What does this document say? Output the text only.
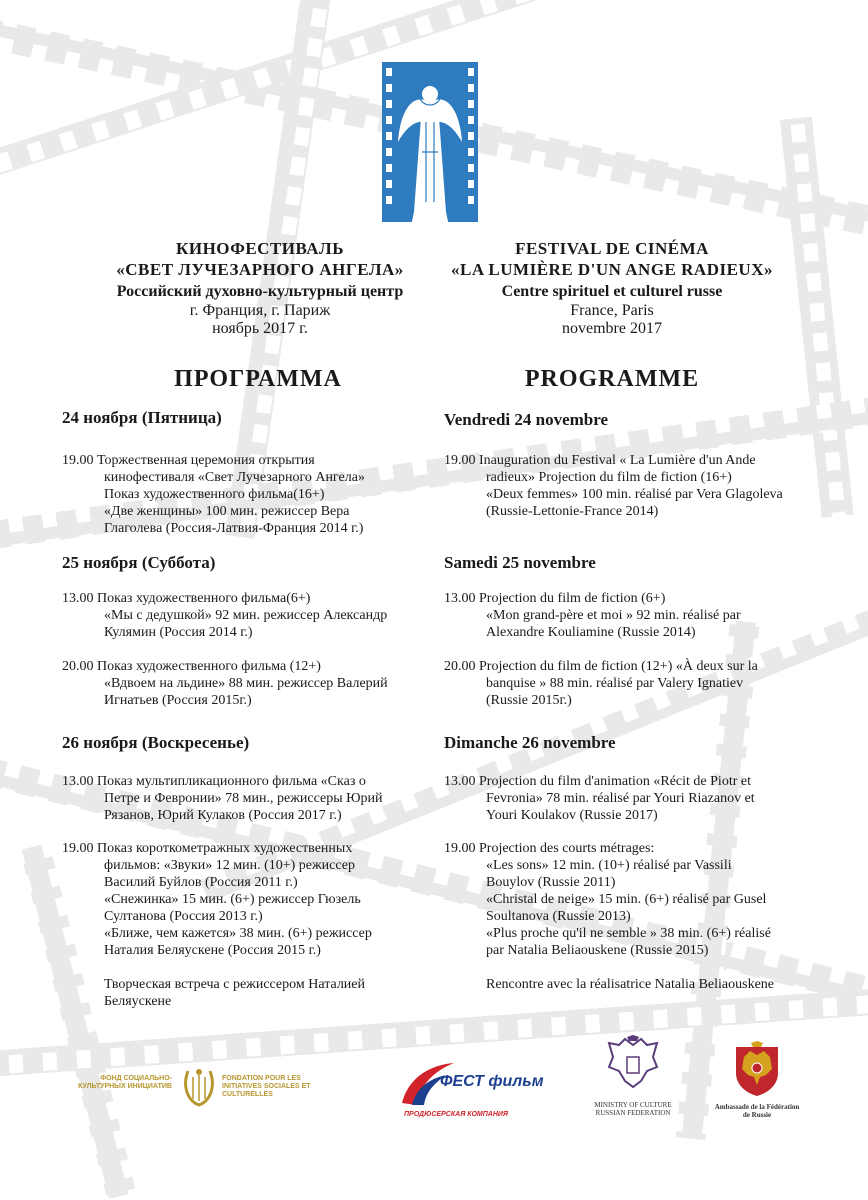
КИНОФЕСТИВАЛЬ
«СВЕТ ЛУЧЕЗАРНОГО АНГЕЛА»
Российский духовно-культурный центр
г. Франция, г. Париж
ноябрь 2017 г.
FESTIVAL DE CINÉMA
«LA LUMIÈRE D'UN ANGE RADIEUX»
Centre spirituel et culturel russe
France, Paris
novembre 2017
ПРОГРАММА	PROGRAMME
24 ноября (Пятница)
19.00 Торжественная церемония открытия
кинофестиваля «Свет Лучезарного Ангела»
Показ художественного фильма(16+)
«Две женщины» 100 мин. режиссер Вера
Глаголева (Россия-Латвия-Франция 2014 г.)
25 ноября (Суббота)
13.00 Показ художественного фильма(6+)
«Мы с дедушкой» 92 мин. режиссер Александр
Кулямин (Россия 2014 г.)
20.00 Показ художественного фильма (12+)
«Вдвоем на льдине» 88 мин. режиссер Валерий
Игнатьев (Россия 2015г.)
26 ноября (Воскресенье)
13.00 Показ мультипликационного фильма «Сказ о
Петре и Февронии» 78 мин., режиссеры Юрий
Рязанов, Юрий Кулаков (Россия 2017 г.)
19.00 Показ короткометражных художественных
фильмов: «Звуки» 12 мин. (10+) режиссер
Василий Буйлов (Россия 2011 г.)
«Снежинка» 15 мин. (6+) режиссер Гюзель
Султанова (Россия 2013 г.)
«Ближе, чем кажется» 38 мин. (6+) режиссер
Наталия Беляускене (Россия 2015 г.)

Творческая встреча с режиссером Наталией
Беляускене
Vendredi 24 novembre
19.00 Inauguration du Festival « La Lumière d'un Ande
radieux» Projection du film de fiction (16+)
«Deux femmes» 100 min. réalisé par Vera Glagoleva
(Russie-Lettonie-France 2014)
Samedi 25 novembre
13.00 Projection du film de fiction (6+)
«Mon grand-père et moi » 92 min. réalisé par
Alexandre Kouliamine (Russie 2014)
20.00 Projection du film de fiction (12+) «À deux sur la
banquise » 88 min. réalisé par Valery Ignatiev
(Russie 2015г.)
Dimanche 26 novembre
13.00 Projection du film d'animation «Récit de Piotr et
Fevronia» 78 min. réalisé par Youri Riazanov et
Youri Koulakov (Russie 2017)
19.00 Projection des courts métrages:
«Les sons» 12 min. (10+) réalisé par Vassili
Bouylov (Russie 2011)
«Christal de neige» 15 min. (6+) réalisé par Gusel
Soultanova (Russie 2013)
«Plus proche qu'il ne semble » 38 min. (6+) réalisé
par Natalia Beliaouskene (Russie 2015)

Rencontre avec la réalisatrice Natalia Beliaouskene
ФОНД СОЦИАЛЬНО-КУЛЬТУРНЫХ ИНИЦИАТИВ
FONDATION POUR LES INITIATIVES SOCIALES ET CULTURELLES
ФЕСТ фильм
ПРОДЮСЕРСКАЯ КОМПАНИЯ
MINISTRY OF CULTURE RUSSIAN FEDERATION
Ambassade de la Fédération de Russie
